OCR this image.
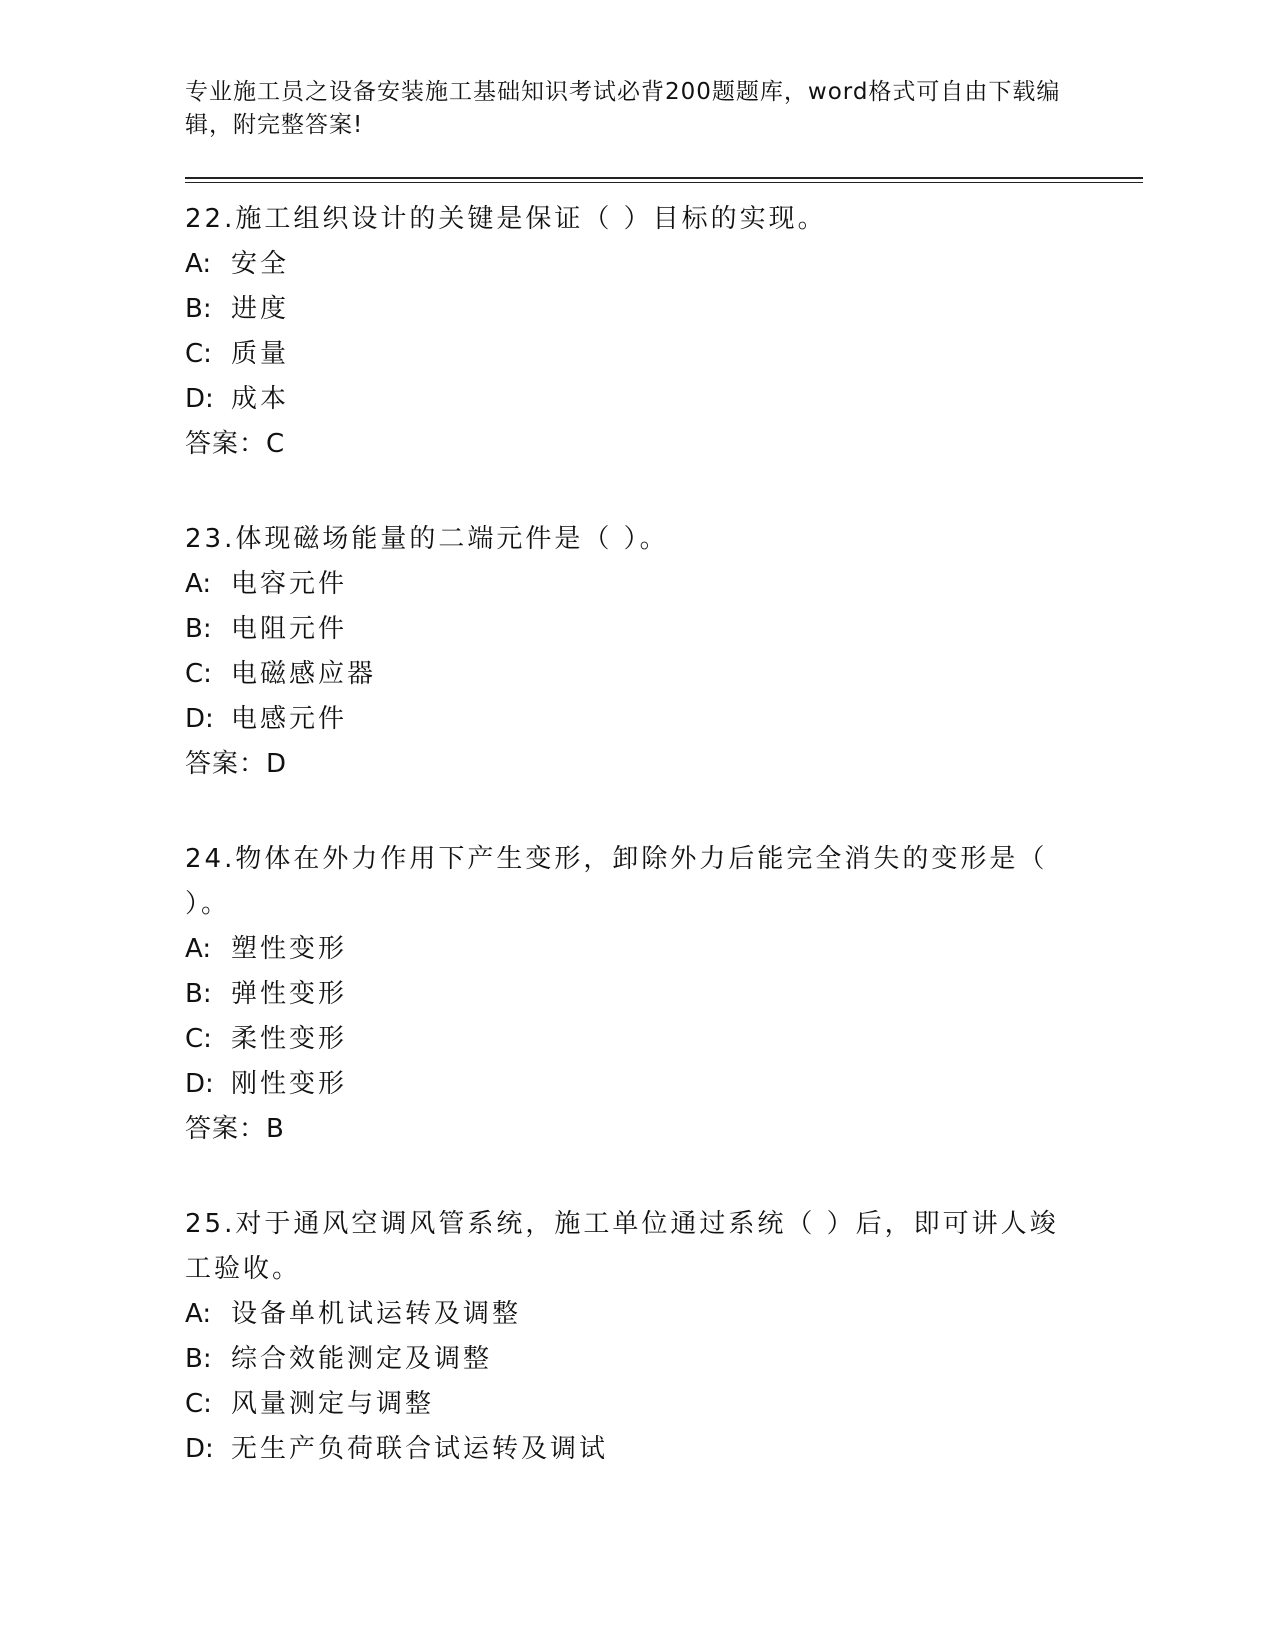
专业施工员之设备安装施工基础知识考试必背200题题库，word格式可自由下载编辑，附完整答案!
22.施工组织设计的关键是保证（ ）目标的实现。
A: 安全
B: 进度
C: 质量
D: 成本
答案：C
23.体现磁场能量的二端元件是（ ）。
A: 电容元件
B: 电阻元件
C: 电磁感应器
D: 电感元件
答案：D
24.物体在外力作用下产生变形，卸除外力后能完全消失的变形是（ ）。
A: 塑性变形
B: 弹性变形
C: 柔性变形
D: 刚性变形
答案：B
25.对于通风空调风管系统，施工单位通过系统（ ）后，即可讲人竣工验收。
A: 设备单机试运转及调整
B: 综合效能测定及调整
C: 风量测定与调整
D: 无生产负荷联合试运转及调试
